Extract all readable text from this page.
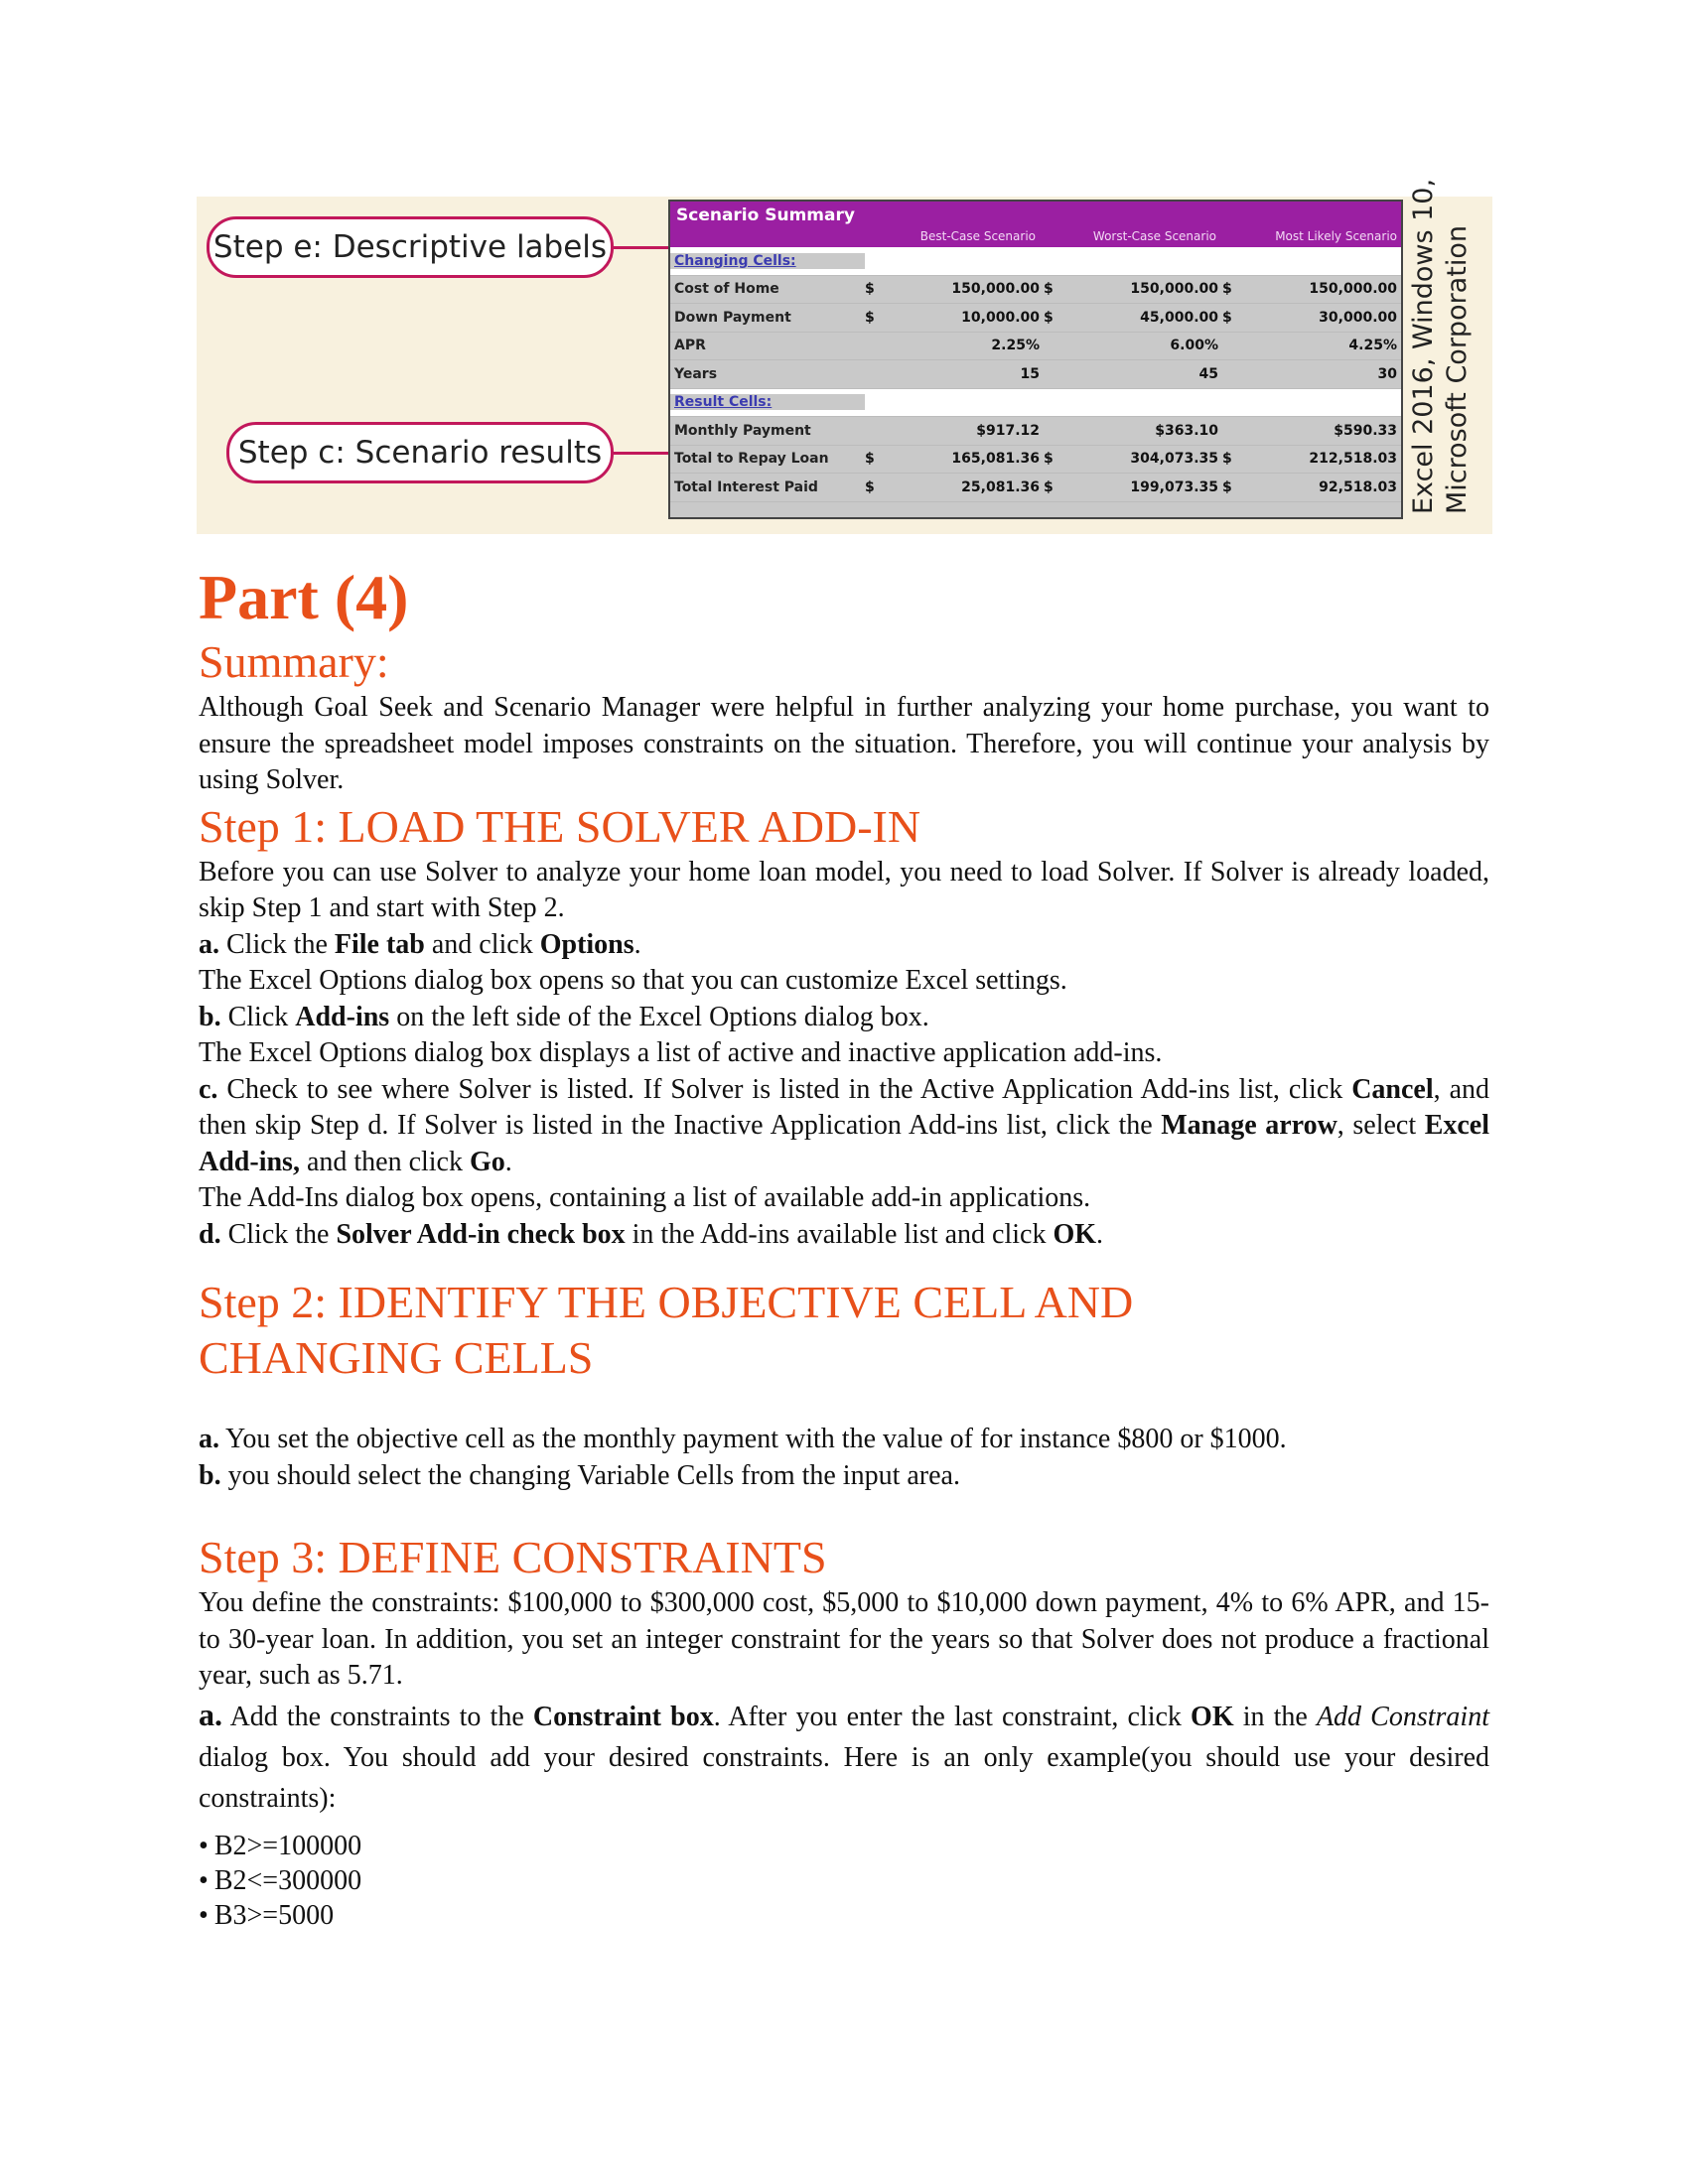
Step e: Descriptive labels
Step c: Scenario results
Scenario Summary
Best-Case Scenario	Worst-Case Scenario	Most Likely Scenario
Changing Cells:
Cost of Home	$	150,000.00 $	150,000.00 $	150,000.00
Down Payment	$	10,000.00 $	45,000.00 $	30,000.00
APR	2.25%	6.00%	4.25%
Years	15	45	30
Result Cells:
Monthly Payment	$917.12	$363.10	$590.33
Total to Repay Loan	$	165,081.36 $	304,073.35 $	212,518.03
Total Interest Paid	$	25,081.36 $	199,073.35 $	92,518.03 Excel 2016, Windows 10, Microsoft Corporation
Part (4)
Summary:

Although Goal Seek and Scenario Manager were helpful in further analyzing your home purchase, you want to ensure the spreadsheet model imposes constraints on the situation. Therefore, you will continue your analysis by using Solver.

Step 1: LOAD THE SOLVER ADD-IN

Before you can use Solver to analyze your home loan model, you need to load Solver. If Solver is already loaded, skip Step 1 and start with Step 2.

a. Click the File tab and click Options.

The Excel Options dialog box opens so that you can customize Excel settings.

b. Click Add-ins on the left side of the Excel Options dialog box.

The Excel Options dialog box displays a list of active and inactive application add-ins.

c. Check to see where Solver is listed. If Solver is listed in the Active Application Add-ins list, click Cancel, and then skip Step d. If Solver is listed in the Inactive Application Add-ins list, click the Manage arrow, select Excel Add-ins, and then click Go.

The Add-Ins dialog box opens, containing a list of available add-in applications.

d. Click the Solver Add-in check box in the Add-ins available list and click OK.

Step 2: IDENTIFY THE OBJECTIVE CELL AND
CHANGING CELLS

a. You set the objective cell as the monthly payment with the value of for instance $800 or $1000.

b. you should select the changing Variable Cells from the input area.

Step 3: DEFINE CONSTRAINTS

You define the constraints: $100,000 to $300,000 cost, $5,000 to $10,000 down payment, 4% to 6% APR, and 15- to 30-year loan. In addition, you set an integer constraint for the years so that Solver does not produce a fractional year, such as 5.71.

a. Add the constraints to the Constraint box. After you enter the last constraint, click OK in the Add Constraint dialog box. You should add your desired constraints. Here is an only example(you should use your desired constraints):

• B2>=100000
• B2<=300000
• B3>=5000
